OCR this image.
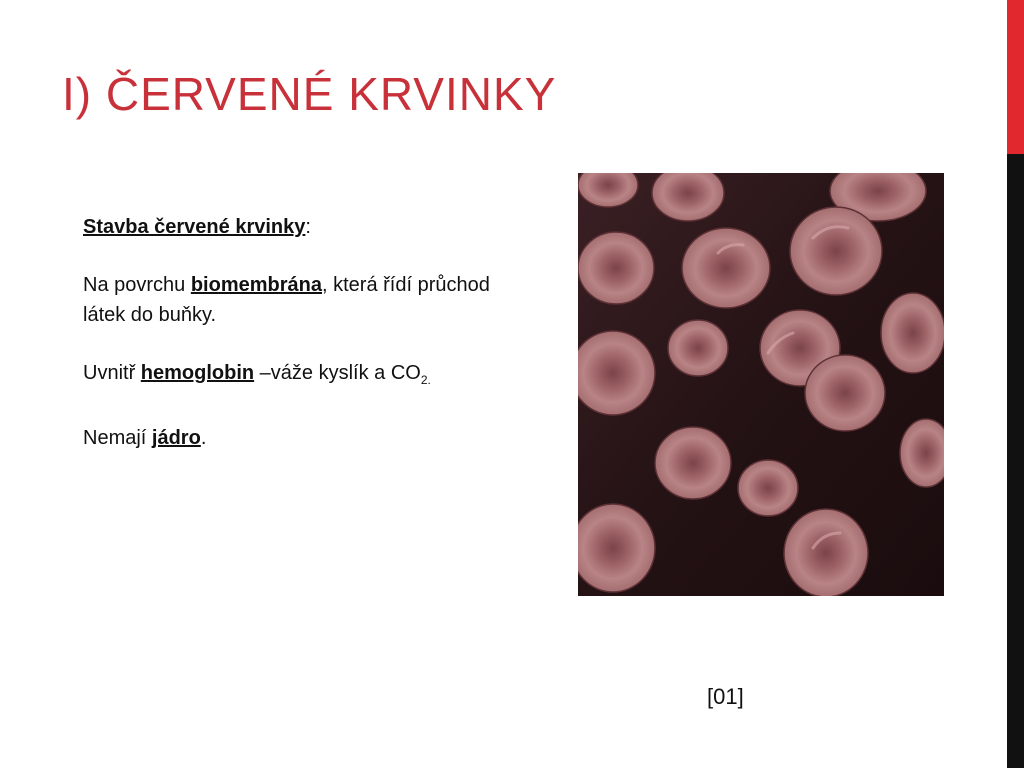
I) ČERVENÉ KRVINKY

Stavba červené krvinky:

Na povrchu biomembrána, která řídí průchod látek do buňky.

Uvnitř hemoglobin –váže kyslík a $CO_{2.}$

Nemají jádro.

[01]
